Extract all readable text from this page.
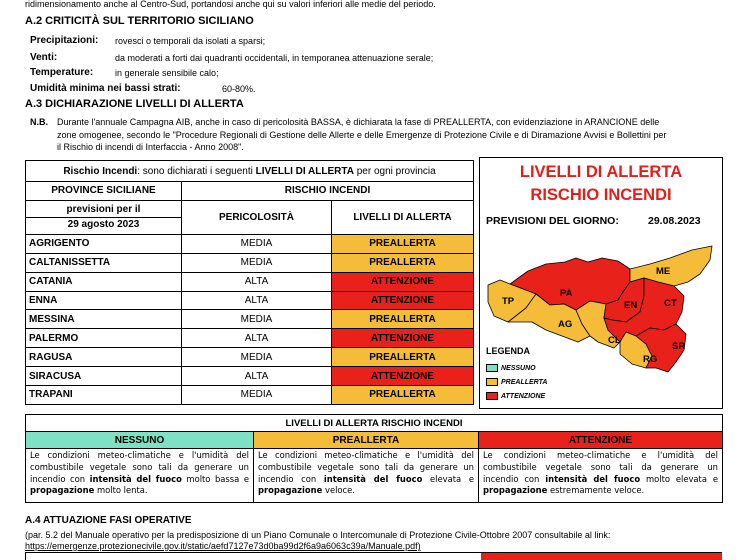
ridimensionamento anche al Centro-Sud, portandosi anche qui su valori inferiori alle medie del periodo.
A.2 CRITICITÀ SUL TERRITORIO SICILIANO
Precipitazioni: rovesci o temporali da isolati a sparsi;
Venti:	da moderati a forti dai quadranti occidentali, in temporanea attenuazione serale;
Temperature: in generale sensibile calo;
Umidità minima nei bassi strati:	60-80%.
A.3 DICHIARAZIONE LIVELLI DI ALLERTA
N.B. Durante l'annuale Campagna AIB, anche in caso di pericolosità BASSA, è dichiarata la fase di PREALLERTA, con evidenziazione in ARANCIONE delle
zone omogenee, secondo le "Procedure Regionali di Gestione delle Allerte e delle Emergenze di Protezione Civile e di Diramazione Avvisi e Bollettini per
il Rischio di incendi di Interfaccia - Anno 2008".
Rischio Incendi: sono dichiarati i seguenti LIVELLI DI ALLERTA per ogni provincia		
PROVINCE SICILIANE	RISCHIO INCENDI	

previsioni per il
29 agosto 2023	PERICOLOSITÀ	LIVELLI DI ALLERTA
AGRIGENTO	MEDIA	PREALLERTA
CALTANISSETTA	MEDIA	PREALLERTA
CATANIA	ALTA	ATTENZIONE
ENNA	ALTA	ATTENZIONE
MESSINA	MEDIA	PREALLERTA
PALERMO	ALTA	ATTENZIONE
RAGUSA	MEDIA	PREALLERTA
SIRACUSA	ALTA	ATTENZIONE
TRAPANI	MEDIA	PREALLERTA
LIVELLI DI ALLERTA
RISCHIO INCENDI
PREVISIONI DEL GIORNO:	29.08.2023
TP
PA
ME
AG
EN	CT
CL
RG
SR
LEGENDA
NESSUNO
PREALLERTA
ATTENZIONE
LIVELLI DI ALLERTA RISCHIO INCENDI		
NESSUNO	PREALLERTA	ATTENZIONE
Le condizioni meteo-climatiche e l'umidità del combustibile vegetale sono tali da generare un incendio con intensità del fuoco molto bassa e propagazione molto lenta.	Le condizioni meteo-climatiche e l'umidità del combustibile vegetale sono tali da generare un incendio con intensità del fuoco elevata e propagazione veloce.	Le condizioni meteo-climatiche e l'umidità del combustibile vegetale sono tali da generare un incendio con intensità del fuoco molto elevata e propagazione estremamente veloce.
A.4 ATTUAZIONE FASI OPERATIVE
(par. 5.2 del Manuale operativo per la predisposizione di un Piano Comunale o Intercomunale di Protezione Civile-Ottobre 2007 consultabile al link:
https://emergenze.protezionecivile.gov.it/static/aefd7127e73d0ba99d2f6a9a6063c39a/Manuale.pdf)
